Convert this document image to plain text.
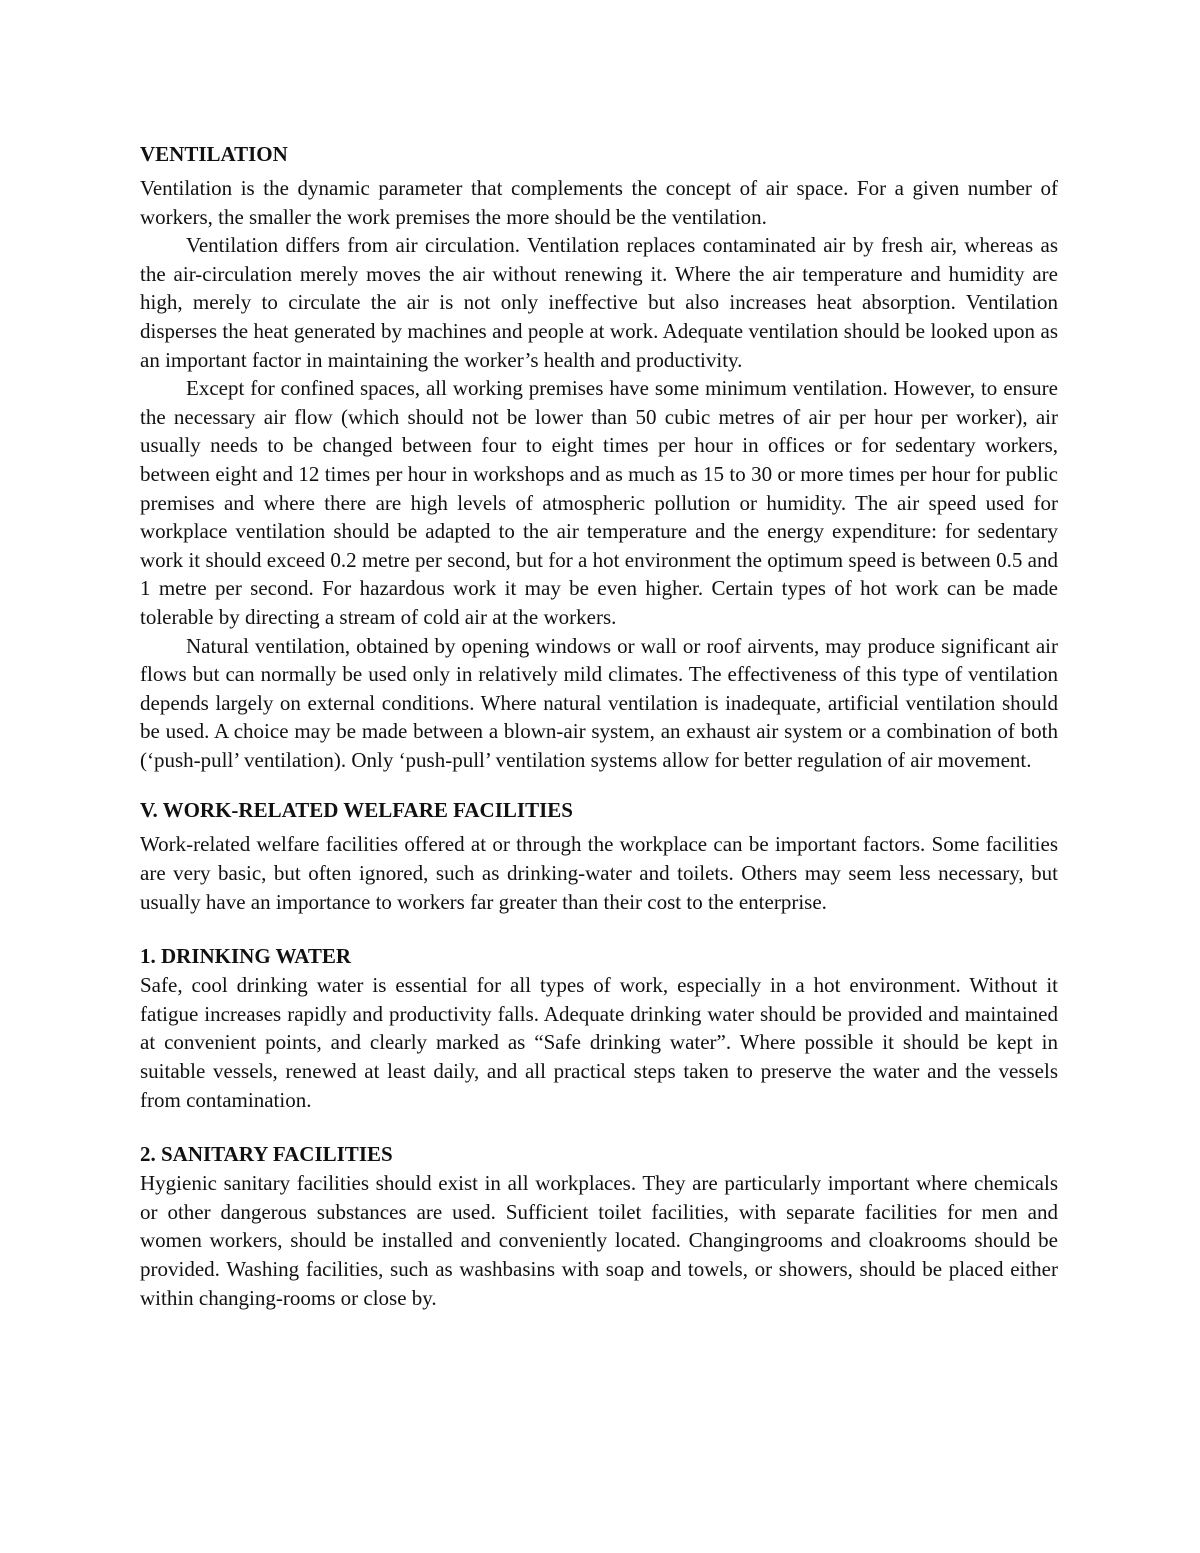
VENTILATION

Ventilation is the dynamic parameter that complements the concept of air space. For a given number of workers, the smaller the work premises the more should be the ventilation.

Ventilation differs from air circulation. Ventilation replaces contaminated air by fresh air, whereas as the air-circulation merely moves the air without renewing it. Where the air temperature and humidity are high, merely to circulate the air is not only ineffective but also increases heat absorption. Ventilation disperses the heat generated by machines and people at work. Adequate ventilation should be looked upon as an important factor in maintaining the worker’s health and productivity.

Except for confined spaces, all working premises have some minimum ventilation. However, to ensure the necessary air flow (which should not be lower than 50 cubic metres of air per hour per worker), air usually needs to be changed between four to eight times per hour in offices or for sedentary workers, between eight and 12 times per hour in workshops and as much as 15 to 30 or more times per hour for public premises and where there are high levels of atmospheric pollution or humidity. The air speed used for workplace ventilation should be adapted to the air temperature and the energy expenditure: for sedentary work it should exceed 0.2 metre per second, but for a hot environment the optimum speed is between 0.5 and 1 metre per second. For hazardous work it may be even higher. Certain types of hot work can be made tolerable by directing a stream of cold air at the workers.

Natural ventilation, obtained by opening windows or wall or roof airvents, may produce significant air flows but can normally be used only in relatively mild climates. The effectiveness of this type of ventilation depends largely on external conditions. Where natural ventilation is inadequate, artificial ventilation should be used. A choice may be made between a blown-air system, an exhaust air system or a combination of both (‘push-pull’ ventilation). Only ‘push-pull’ ventilation systems allow for better regulation of air movement.

V. WORK-RELATED WELFARE FACILITIES

Work-related welfare facilities offered at or through the workplace can be important factors. Some facilities are very basic, but often ignored, such as drinking-water and toilets. Others may seem less necessary, but usually have an importance to workers far greater than their cost to the enterprise.

1. DRINKING WATER

Safe, cool drinking water is essential for all types of work, especially in a hot environment. Without it fatigue increases rapidly and productivity falls. Adequate drinking water should be provided and maintained at convenient points, and clearly marked as “Safe drinking water”. Where possible it should be kept in suitable vessels, renewed at least daily, and all practical steps taken to preserve the water and the vessels from contamination.

2. SANITARY FACILITIES

Hygienic sanitary facilities should exist in all workplaces. They are particularly important where chemicals or other dangerous substances are used. Sufficient toilet facilities, with separate facilities for men and women workers, should be installed and conveniently located. Changingrooms and cloakrooms should be provided. Washing facilities, such as washbasins with soap and towels, or showers, should be placed either within changing-rooms or close by.
